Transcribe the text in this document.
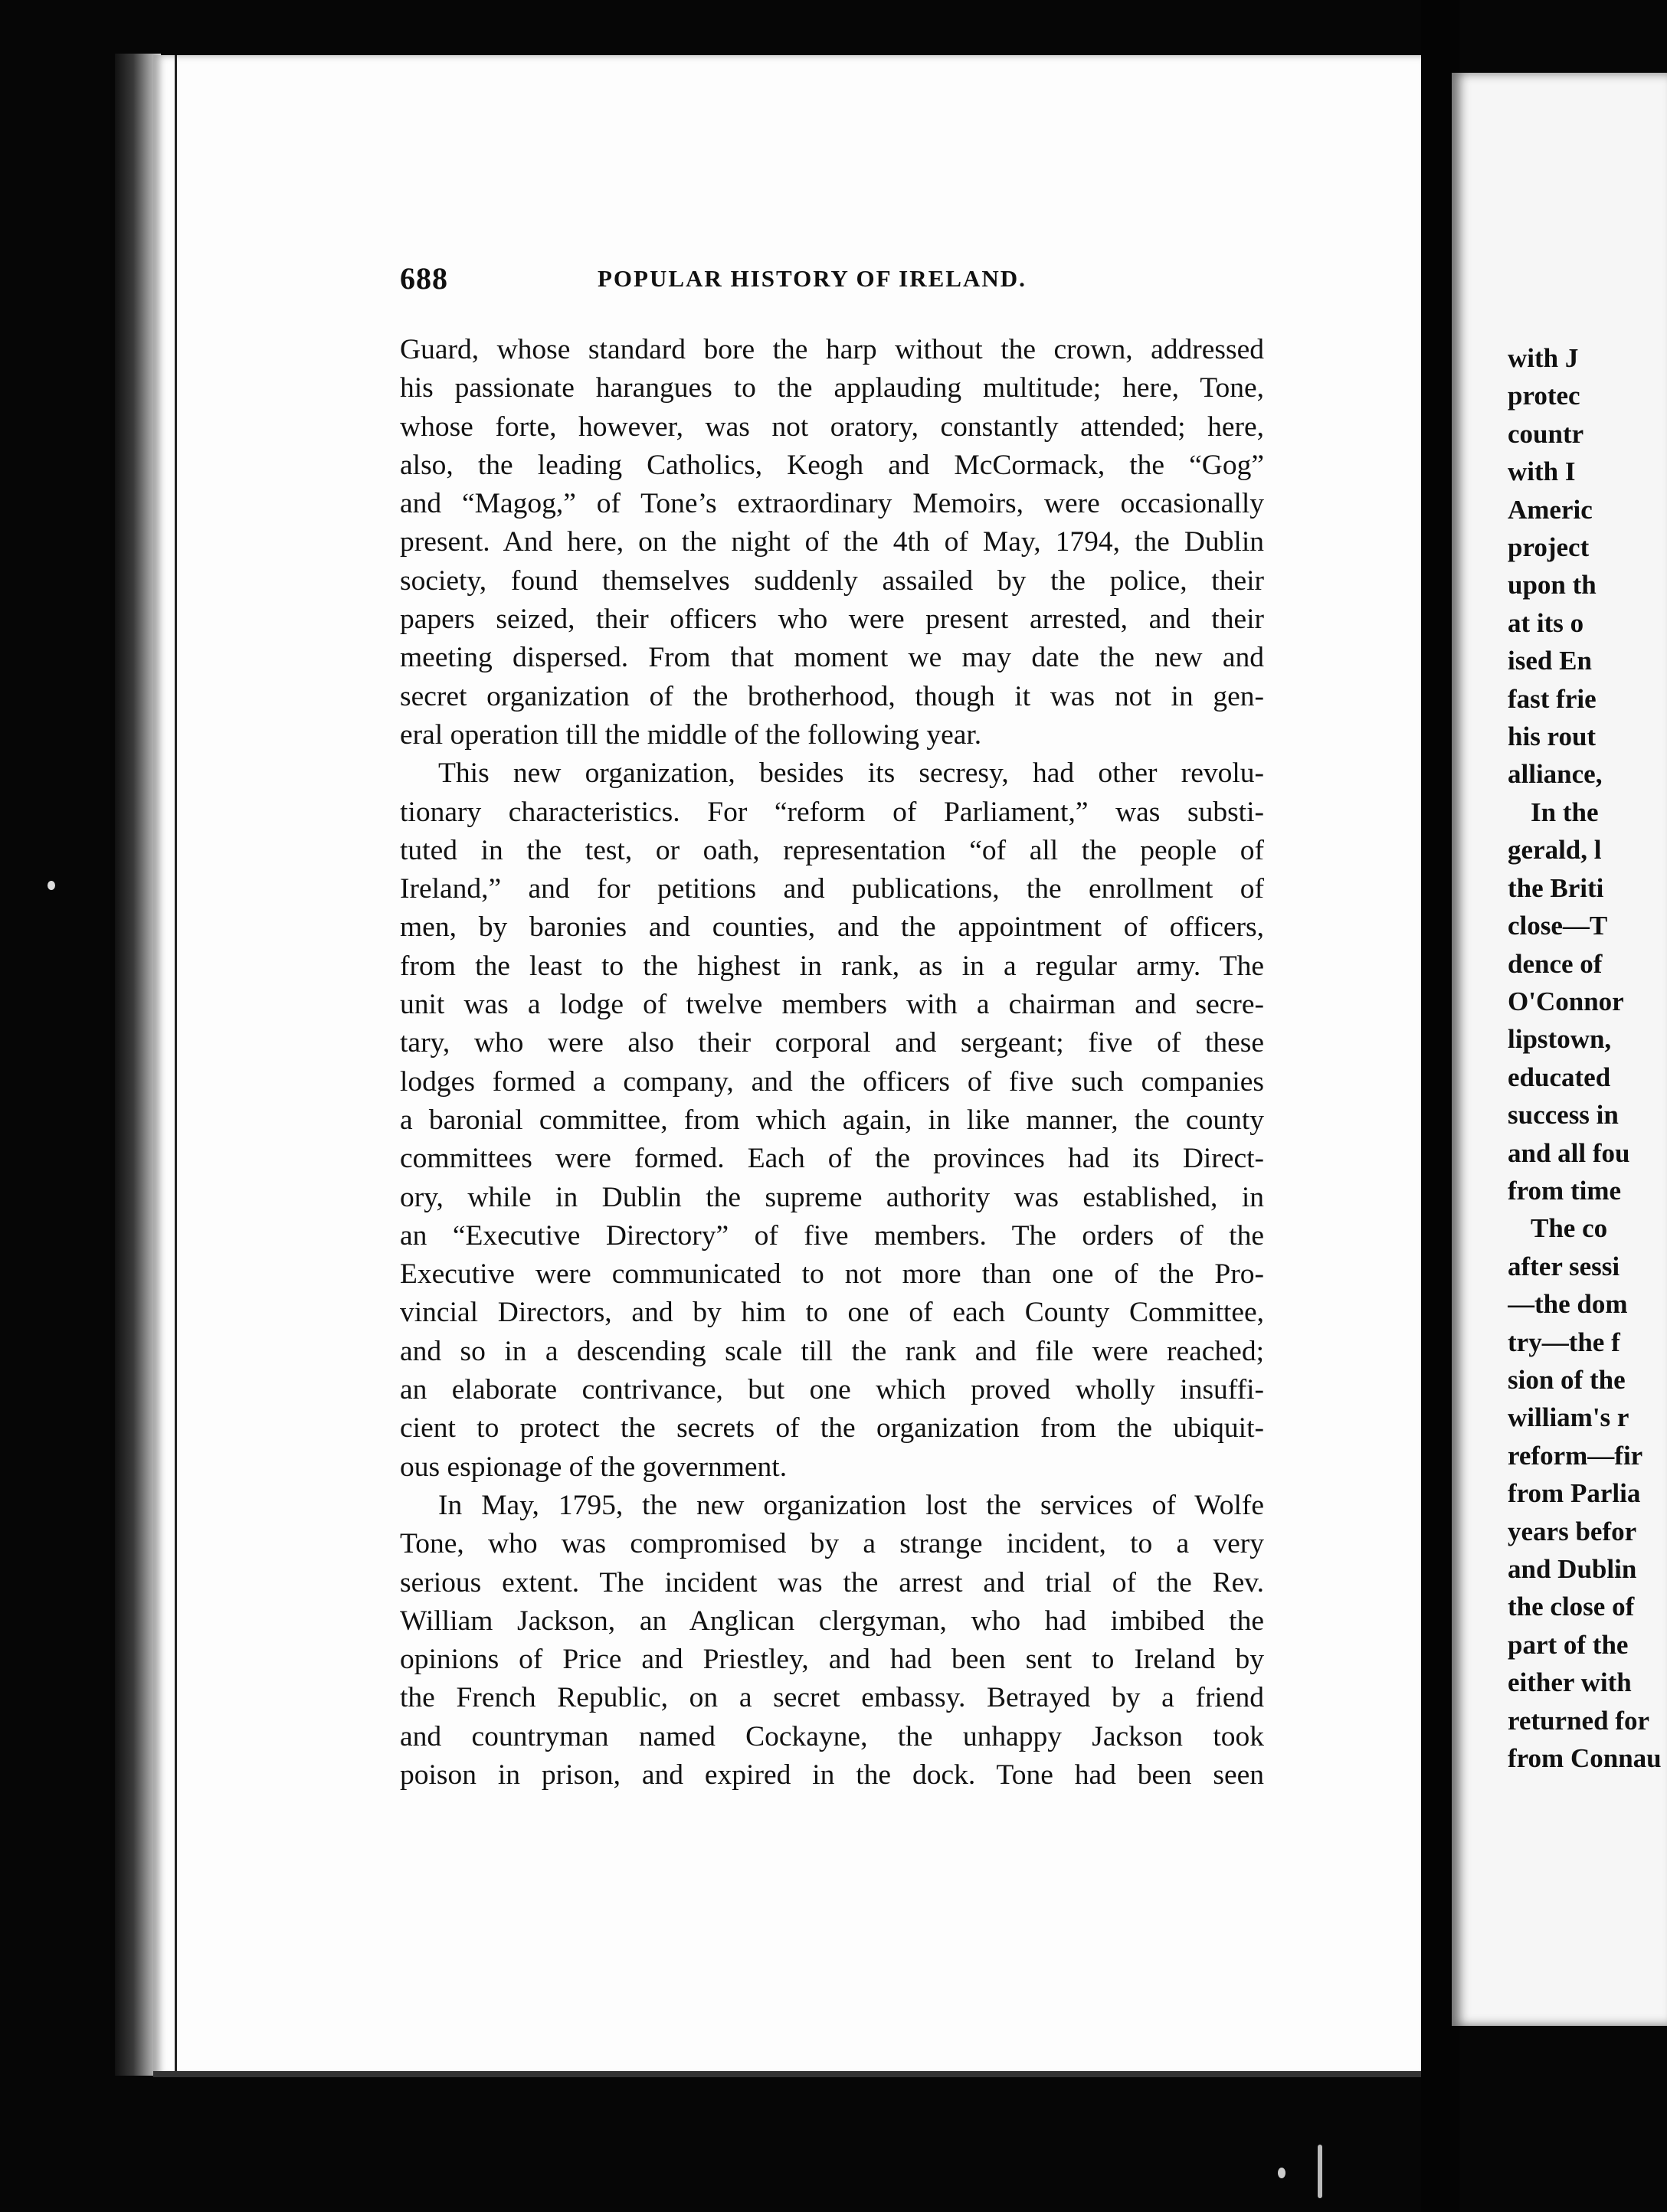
688	POPULAR HISTORY OF IRELAND.
Guard, whose standard bore the harp without the crown, addressed
his passionate harangues to the applauding multitude; here, Tone,
whose forte, however, was not oratory, constantly attended; here,
also, the leading Catholics, Keogh and McCormack, the “Gog”
and “Magog,” of Tone’s extraordinary Memoirs, were occasionally
present. And here, on the night of the 4th of May, 1794, the Dublin
society, found themselves suddenly assailed by the police, their
papers seized, their officers who were present arrested, and their
meeting dispersed. From that moment we may date the new and
secret organization of the brotherhood, though it was not in gen-
eral operation till the middle of the following year.
This new organization, besides its secresy, had other revolu-
tionary characteristics. For “reform of Parliament,” was substi-
tuted in the test, or oath, representation “of all the people of
Ireland,” and for petitions and publications, the enrollment of
men, by baronies and counties, and the appointment of officers,
from the least to the highest in rank, as in a regular army. The
unit was a lodge of twelve members with a chairman and secre-
tary, who were also their corporal and sergeant; five of these
lodges formed a company, and the officers of five such companies
a baronial committee, from which again, in like manner, the county
committees were formed. Each of the provinces had its Direct-
ory, while in Dublin the supreme authority was established, in
an “Executive Directory” of five members. The orders of the
Executive were communicated to not more than one of the Pro-
vincial Directors, and by him to one of each County Committee,
and so in a descending scale till the rank and file were reached;
an elaborate contrivance, but one which proved wholly insuffi-
cient to protect the secrets of the organization from the ubiquit-
ous espionage of the government.
In May, 1795, the new organization lost the services of Wolfe
Tone, who was compromised by a strange incident, to a very
serious extent. The incident was the arrest and trial of the Rev.
William Jackson, an Anglican clergyman, who had imbibed the
opinions of Price and Priestley, and had been sent to Ireland by
the French Republic, on a secret embassy. Betrayed by a friend
and countryman named Cockayne, the unhappy Jackson took
poison in prison, and expired in the dock. Tone had been seen
with J
protec
countr
with I
Americ
project
upon th
at its o
ised En
fast frie
his rout
alliance,
In the
gerald, l
the Briti
close—T
dence of
O'Connor
lipstown,
educated
success in
and all fou
from time
The co
after sessi
—the dom
try—the f
sion of the
william's r
reform—fir
from Parlia
years befor
and Dublin
the close of
part of the
either with
returned for
from Connau
